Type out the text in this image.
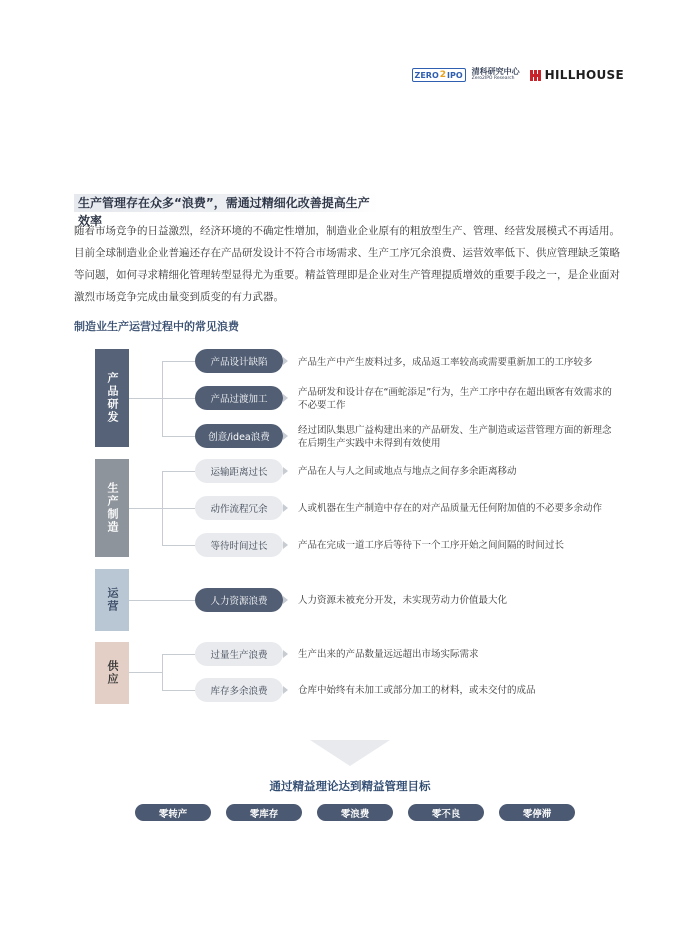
ZERO 2 IPO 清科研究中心
Zero2IPO Research	HILLHOUSE
生产管理存在众多“浪费”，需通过精细化改善提高生产效率

随着市场竞争的日益激烈，经济环境的不确定性增加，制造业企业原有的粗放型生产、管理、经营发展模式不再适用。目前全球制造业企业普遍还存在产品研发设计不符合市场需求、生产工序冗余浪费、运营效率低下、供应管理缺乏策略等问题，如何寻求精细化管理转型显得尤为重要。精益管理即是企业对生产管理提质增效的重要手段之一，是企业面对激烈市场竞争完成由量变到质变的有力武器。

制造业生产运营过程中的常见浪费
产品研发
生产制造
运营
供应
产品设计缺陷
产品过渡加工
创意/idea浪费
运输距离过长
动作流程冗余
等待时间过长
人力资源浪费
过量生产浪费
库存多余浪费
产品生产中产生废料过多，成品返工率较高或需要重新加工的工序较多
产品研发和设计存在“画蛇添足”行为，生产工序中存在超出顾客有效需求的不必要工作
经过团队集思广益构建出来的产品研发、生产制造或运营管理方面的新理念在后期生产实践中未得到有效使用
产品在人与人之间或地点与地点之间存多余距离移动
人或机器在生产制造中存在的对产品质量无任何附加值的不必要多余动作
产品在完成一道工序后等待下一个工序开始之间间隔的时间过长
人力资源未被充分开发，未实现劳动力价值最大化
生产出来的产品数量远远超出市场实际需求
仓库中始终有未加工或部分加工的材料，或未交付的成品
通过精益理论达到精益管理目标
零转产	零库存	零浪费	零不良	零停滞
